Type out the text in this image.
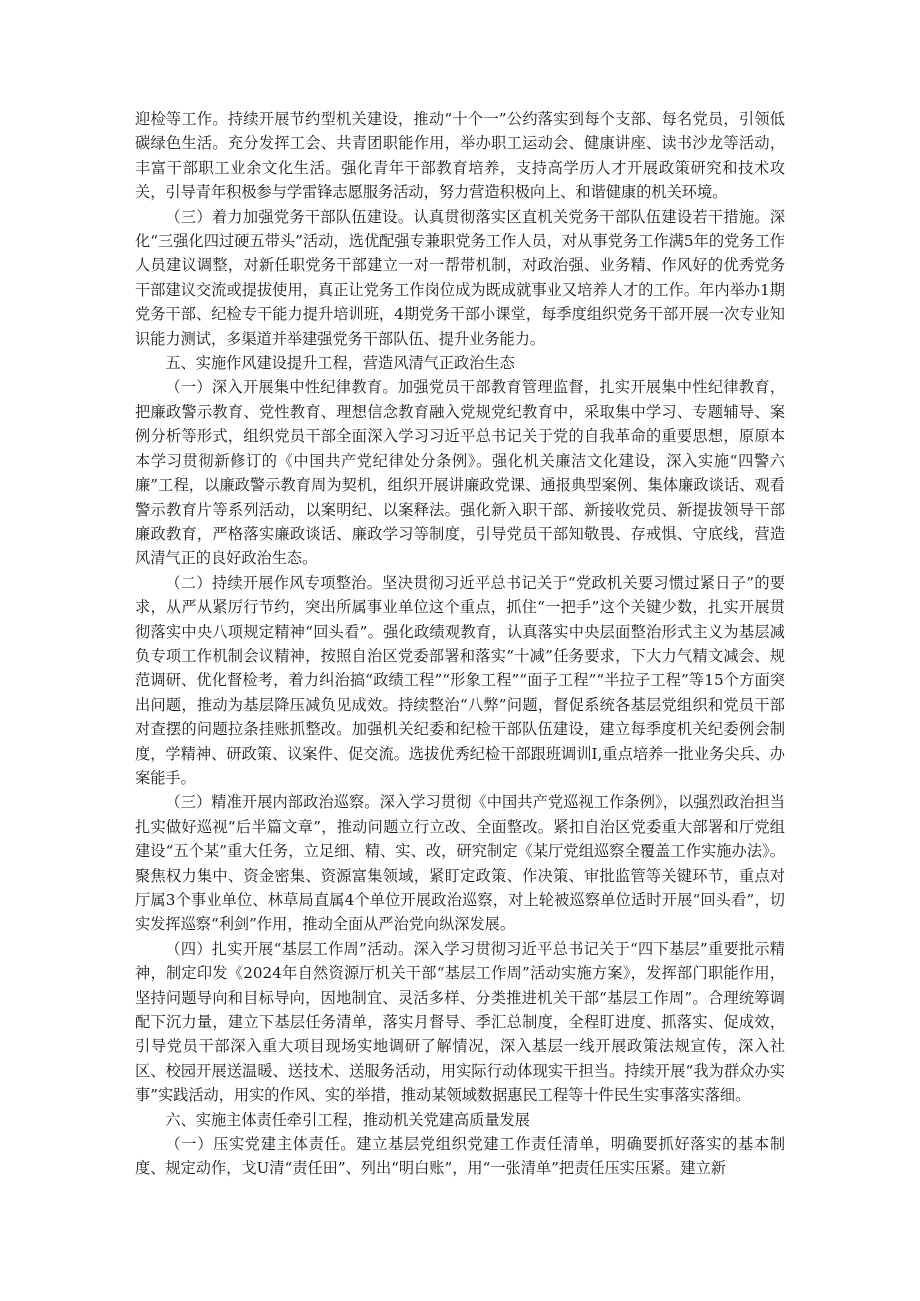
迎检等工作。持续开展节约型机关建设，推动“十个一”公约落实到每个支部、每名党员，引领低碳绿色生活。充分发挥工会、共青团职能作用，举办职工运动会、健康讲座、读书沙龙等活动，丰富干部职工业余文化生活。强化青年干部教育培养，支持高学历人才开展政策研究和技术攻关，引导青年积极参与学雷锋志愿服务活动，努力营造积极向上、和谐健康的机关环境。

（三）着力加强党务干部队伍建设。认真贯彻落实区直机关党务干部队伍建设若干措施。深化“三强化四过硬五带头”活动，选优配强专兼职党务工作人员，对从事党务工作满5年的党务工作人员建议调整，对新任职党务干部建立一对一帮带机制，对政治强、业务精、作风好的优秀党务干部建议交流或提拔使用，真正让党务工作岗位成为既成就事业又培养人才的工作。年内举办1期党务干部、纪检专干能力提升培训班，4期党务干部小课堂，每季度组织党务干部开展一次专业知识能力测试，多渠道并举建强党务干部队伍、提升业务能力。

五、实施作风建设提升工程，营造风清气正政治生态

（一）深入开展集中性纪律教育。加强党员干部教育管理监督，扎实开展集中性纪律教育，把廉政警示教育、党性教育、理想信念教育融入党规党纪教育中，采取集中学习、专题辅导、案例分析等形式，组织党员干部全面深入学习习近平总书记关于党的自我革命的重要思想，原原本本学习贯彻新修订的《中国共产党纪律处分条例》。强化机关廉洁文化建设，深入实施“四警六廉”工程，以廉政警示教育周为契机，组织开展讲廉政党课、通报典型案例、集体廉政谈话、观看警示教育片等系列活动，以案明纪、以案释法。强化新入职干部、新接收党员、新提拔领导干部廉政教育，严格落实廉政谈话、廉政学习等制度，引导党员干部知敬畏、存戒惧、守底线，营造风清气正的良好政治生态。

（二）持续开展作风专项整治。坚决贯彻习近平总书记关于“党政机关要习惯过紧日子”的要求，从严从紧厉行节约，突出所属事业单位这个重点，抓住“一把手”这个关键少数，扎实开展贯彻落实中央八项规定精神“回头看”。强化政绩观教育，认真落实中央层面整治形式主义为基层减负专项工作机制会议精神，按照自治区党委部署和落实“十减”任务要求，下大力气精文减会、规范调研、优化督检考，着力纠治搞“政绩工程”“形象工程”“面子工程”“半拉子工程”等15个方面突出问题，推动为基层降压减负见成效。持续整治“八弊”问题，督促系统各基层党组织和党员干部对查摆的问题拉条挂账抓整改。加强机关纪委和纪检干部队伍建设，建立每季度机关纪委例会制度，学精神、研政策、议案件、促交流。选拔优秀纪检干部跟班调训I,重点培养一批业务尖兵、办案能手。

（三）精准开展内部政治巡察。深入学习贯彻《中国共产党巡视工作条例》，以强烈政治担当扎实做好巡视“后半篇文章”，推动问题立行立改、全面整改。紧扣自治区党委重大部署和厅党组建设“五个某”重大任务，立足细、精、实、改，研究制定《某厅党组巡察全覆盖工作实施办法》。聚焦权力集中、资金密集、资源富集领域，紧盯定政策、作决策、审批监管等关键环节，重点对厅属3个事业单位、林草局直属4个单位开展政治巡察，对上轮被巡察单位适时开展“回头看”，切实发挥巡察“利剑”作用，推动全面从严治党向纵深发展。

（四）扎实开展“基层工作周”活动。深入学习贯彻习近平总书记关于“四下基层”重要批示精神，制定印发《2024年自然资源厅机关干部“基层工作周”活动实施方案》，发挥部门职能作用，坚持问题导向和目标导向，因地制宜、灵活多样、分类推进机关干部“基层工作周”。合理统筹调配下沉力量，建立下基层任务清单，落实月督导、季汇总制度，全程盯进度、抓落实、促成效，引导党员干部深入重大项目现场实地调研了解情况，深入基层一线开展政策法规宣传，深入社区、校园开展送温暖、送技术、送服务活动，用实际行动体现实干担当。持续开展“我为群众办实事”实践活动，用实的作风、实的举措，推动某领域数据惠民工程等十件民生实事落实落细。

六、实施主体责任牵引工程，推动机关党建高质量发展

（一）压实党建主体责任。建立基层党组织党建工作责任清单，明确要抓好落实的基本制度、规定动作，戈U清“责任田”、列出“明白账”，用“一张清单”把责任压实压紧。建立新
